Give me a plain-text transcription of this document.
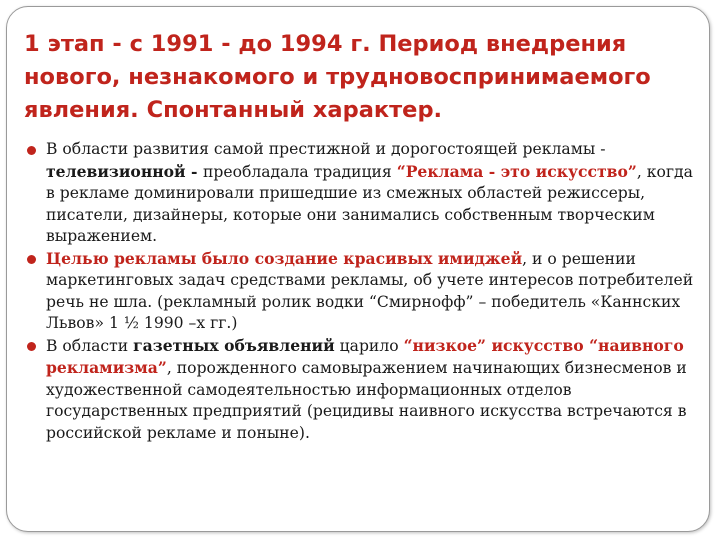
1 этап - с 1991 - до 1994 г. Период внедрения нового, незнакомого и трудновоспринимаемого явления. Спонтанный характер.
В области развития самой престижной и дорогостоящей рекламы - телевизионной - преобладала традиция “Реклама - это искусство”, когда в рекламе доминировали пришедшие из смежных областей режиссеры, писатели, дизайнеры, которые они занимались собственным творческим выражением.
Целью рекламы было создание красивых имиджей, и о решении маркетинговых задач средствами рекламы, об учете интересов потребителей речь не шла. (рекламный ролик водки “Смирнофф” – победитель «Каннских Львов» 1 ½ 1990 –х гг.)
В области газетных объявлений царило “низкое” искусство “наивного рекламизма”, порожденного самовыражением начинающих бизнесменов и художественной самодеятельностью информационных отделов государственных предприятий (рецидивы наивного искусства встречаются в российской рекламе и поныне).
